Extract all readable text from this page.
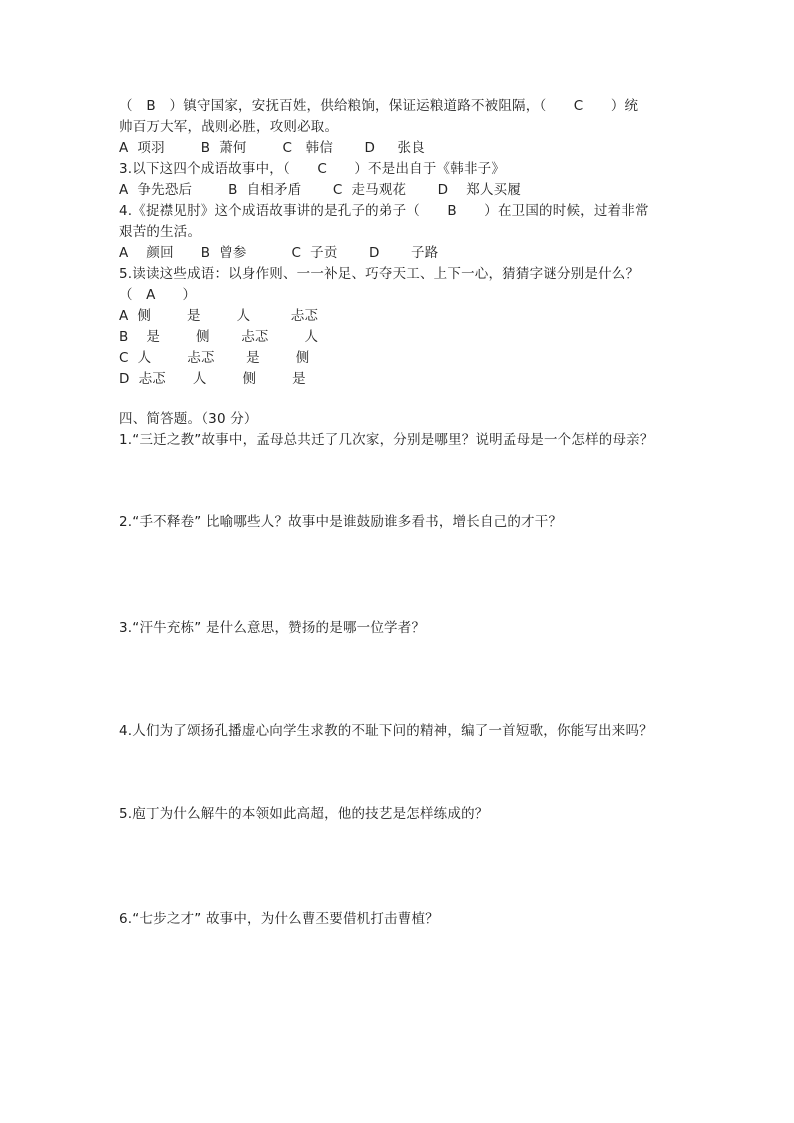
（　B　）镇守国家，安抚百姓，供给粮饷，保证运粮道路不被阻隔，（　　C　　）统
帅百万大军，战则必胜，攻则必取。
A  项羽        B  萧何        C   韩信       D     张良
3.以下这四个成语故事中，（　　C　　）不是出自于《韩非子》
A  争先恐后        B  自相矛盾       C  走马观花       D    郑人买履
4.《捉襟见肘》这个成语故事讲的是孔子的弟子（　　B　　）在卫国的时候，过着非常
艰苦的生活。
A    颜回      B  曾参          C  子贡       D       子路
5.读读这些成语：以身作则、一一补足、巧夺天工、上下一心，猜猜字谜分别是什么？
（   A      ）
A  侧        是        人         忐忑
B    是        侧       忐忑        人
C  人        忐忑       是        侧
D  忐忑      人        侧        是
四、简答题。（30 分）
1.“三迁之教”故事中，孟母总共迁了几次家，分别是哪里？说明孟母是一个怎样的母亲？
2.“手不释卷” 比喻哪些人？故事中是谁鼓励谁多看书，增长自己的才干？
3.“汗牛充栋” 是什么意思，赞扬的是哪一位学者？
4.人们为了颂扬孔播虚心向学生求教的不耻下问的精神，编了一首短歌，你能写出来吗？
5.庖丁为什么解牛的本领如此高超，他的技艺是怎样练成的？
6.“七步之才” 故事中，为什么曹丕要借机打击曹植？
